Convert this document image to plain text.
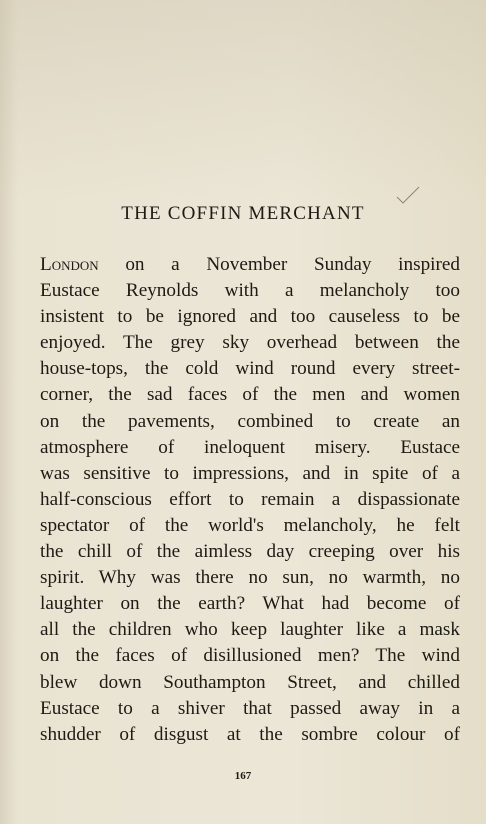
THE COFFIN MERCHANT
London on a November Sunday inspired
Eustace Reynolds with a melancholy too
insistent to be ignored and too causeless to be
enjoyed. The grey sky overhead between the
house-tops, the cold wind round every street-
corner, the sad faces of the men and women
on the pavements, combined to create an
atmosphere of ineloquent misery. Eustace
was sensitive to impressions, and in spite of a
half-conscious effort to remain a dispassionate
spectator of the world's melancholy, he felt
the chill of the aimless day creeping over his
spirit. Why was there no sun, no warmth, no
laughter on the earth? What had become of
all the children who keep laughter like a mask
on the faces of disillusioned men? The wind
blew down Southampton Street, and chilled
Eustace to a shiver that passed away in a
shudder of disgust at the sombre colour of
167
